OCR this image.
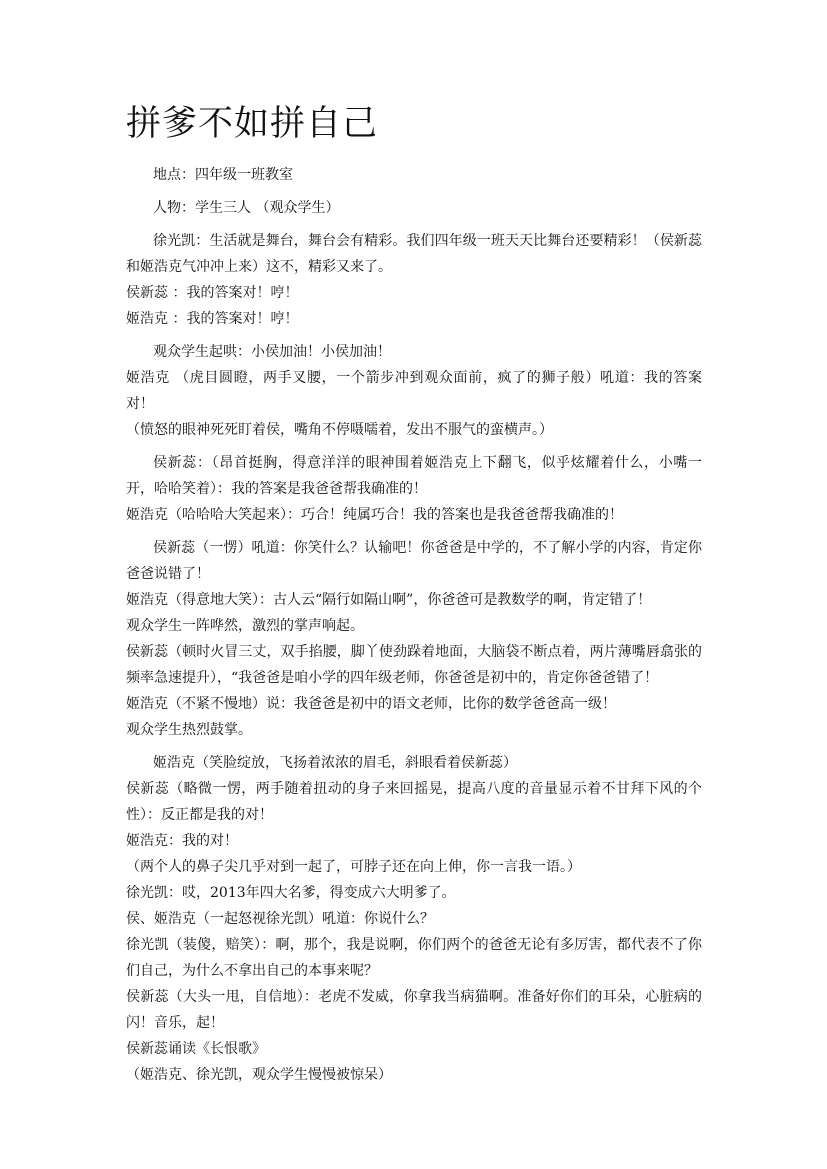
拼爹不如拼自己

地点：四年级一班教室

人物：学生三人 （观众学生）

徐光凯：生活就是舞台，舞台会有精彩。我们四年级一班天天比舞台还要精彩！（侯新蕊和姬浩克气冲冲上来）这不，精彩又来了。

侯新蕊 ：我的答案对！哼！

姬浩克 ：我的答案对！哼！

观众学生起哄：小侯加油！小侯加油！

姬浩克 （虎目圆瞪，两手叉腰，一个箭步冲到观众面前，疯了的狮子般）吼道：我的答案对！

（愤怒的眼神死死盯着侯，嘴角不停嗫嚅着，发出不服气的蛮横声。）

侯新蕊：（昂首挺胸，得意洋洋的眼神围着姬浩克上下翻飞，似乎炫耀着什么，小嘴一开，哈哈笑着）：我的答案是我爸爸帮我确准的！

姬浩克（哈哈哈大笑起来）：巧合！纯属巧合！我的答案也是我爸爸帮我确准的！

侯新蕊（一愣）吼道：你笑什么？认输吧！你爸爸是中学的，不了解小学的内容，肯定你爸爸说错了！

姬浩克（得意地大笑）：古人云“隔行如隔山啊”，你爸爸可是教数学的啊，肯定错了！

观众学生一阵哗然，激烈的掌声响起。

侯新蕊（顿时火冒三丈，双手掐腰，脚丫使劲跺着地面，大脑袋不断点着，两片薄嘴唇翕张的频率急速提升），“我爸爸是咱小学的四年级老师，你爸爸是初中的，肯定你爸爸错了！

姬浩克（不紧不慢地）说：我爸爸是初中的语文老师，比你的数学爸爸高一级！

观众学生热烈鼓掌。

姬浩克（笑脸绽放，飞扬着浓浓的眉毛，斜眼看着侯新蕊）

侯新蕊（略微一愣，两手随着扭动的身子来回摇晃，提高八度的音量显示着不甘拜下风的个性）：反正都是我的对！

姬浩克：我的对！

（两个人的鼻子尖几乎对到一起了，可脖子还在向上伸，你一言我一语。）

徐光凯：哎，2013年四大名爹，得变成六大明爹了。

侯、姬浩克（一起怒视徐光凯）吼道：你说什么？

徐光凯（装傻，赔笑）：啊，那个，我是说啊，你们两个的爸爸无论有多厉害，都代表不了你们自己，为什么不拿出自己的本事来呢？

侯新蕊（大头一甩，自信地）：老虎不发威，你拿我当病猫啊。准备好你们的耳朵，心脏病的闪！音乐，起！

侯新蕊诵读《长恨歌》

（姬浩克、徐光凯，观众学生慢慢被惊呆）
